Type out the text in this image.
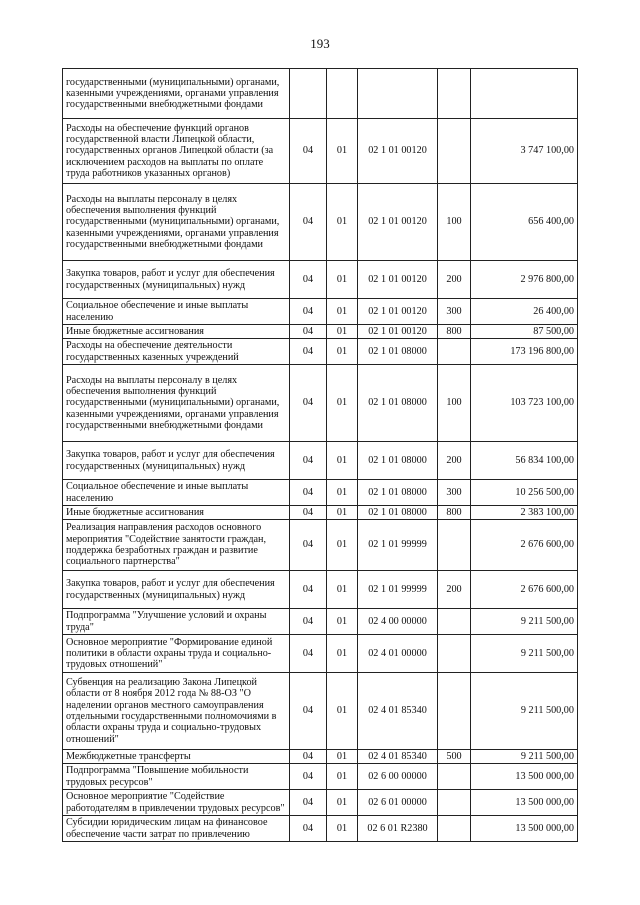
193
государственными (муниципальными) органами, казенными учреждениями, органами управления государственными внебюджетными фондами					
Расходы на обеспечение функций органов государственной власти Липецкой области, государственных органов Липецкой области (за исключением расходов на выплаты по оплате труда работников указанных органов)	04	01	02 1 01 00120		3 747 100,00
Расходы на выплаты персоналу в целях обеспечения выполнения функций государственными (муниципальными) органами, казенными учреждениями, органами управления государственными внебюджетными фондами	04	01	02 1 01 00120	100	656 400,00
Закупка товаров, работ и услуг для обеспечения государственных (муниципальных) нужд	04	01	02 1 01 00120	200	2 976 800,00
Социальное обеспечение и иные выплаты населению	04	01	02 1 01 00120	300	26 400,00
Иные бюджетные ассигнования	04	01	02 1 01 00120	800	87 500,00
Расходы на обеспечение деятельности государственных казенных учреждений	04	01	02 1 01 08000		173 196 800,00
Расходы на выплаты персоналу в целях обеспечения выполнения функций государственными (муниципальными) органами, казенными учреждениями, органами управления государственными внебюджетными фондами	04	01	02 1 01 08000	100	103 723 100,00
Закупка товаров, работ и услуг для обеспечения государственных (муниципальных) нужд	04	01	02 1 01 08000	200	56 834 100,00
Социальное обеспечение и иные выплаты населению	04	01	02 1 01 08000	300	10 256 500,00
Иные бюджетные ассигнования	04	01	02 1 01 08000	800	2 383 100,00
Реализация направления расходов основного мероприятия "Содействие занятости граждан, поддержка безработных граждан и развитие социального партнерства"	04	01	02 1 01 99999		2 676 600,00
Закупка товаров, работ и услуг для обеспечения государственных (муниципальных) нужд	04	01	02 1 01 99999	200	2 676 600,00
Подпрограмма "Улучшение условий и охраны труда"	04	01	02 4 00 00000		9 211 500,00
Основное мероприятие "Формирование единой политики в области охраны труда и социально-трудовых отношений"	04	01	02 4 01 00000		9 211 500,00
Субвенция на реализацию Закона Липецкой области от 8 ноября 2012 года № 88-ОЗ "О наделении органов местного самоуправления отдельными государственными полномочиями в области охраны труда и социально-трудовых отношений"	04	01	02 4 01 85340		9 211 500,00
Межбюджетные трансферты	04	01	02 4 01 85340	500	9 211 500,00
Подпрограмма "Повышение мобильности трудовых ресурсов"	04	01	02 6 00 00000		13 500 000,00
Основное мероприятие "Содействие работодателям в привлечении трудовых ресурсов"	04	01	02 6 01 00000		13 500 000,00
Субсидии юридическим лицам на финансовое обеспечение части затрат по привлечению	04	01	02 6 01 R2380		13 500 000,00
